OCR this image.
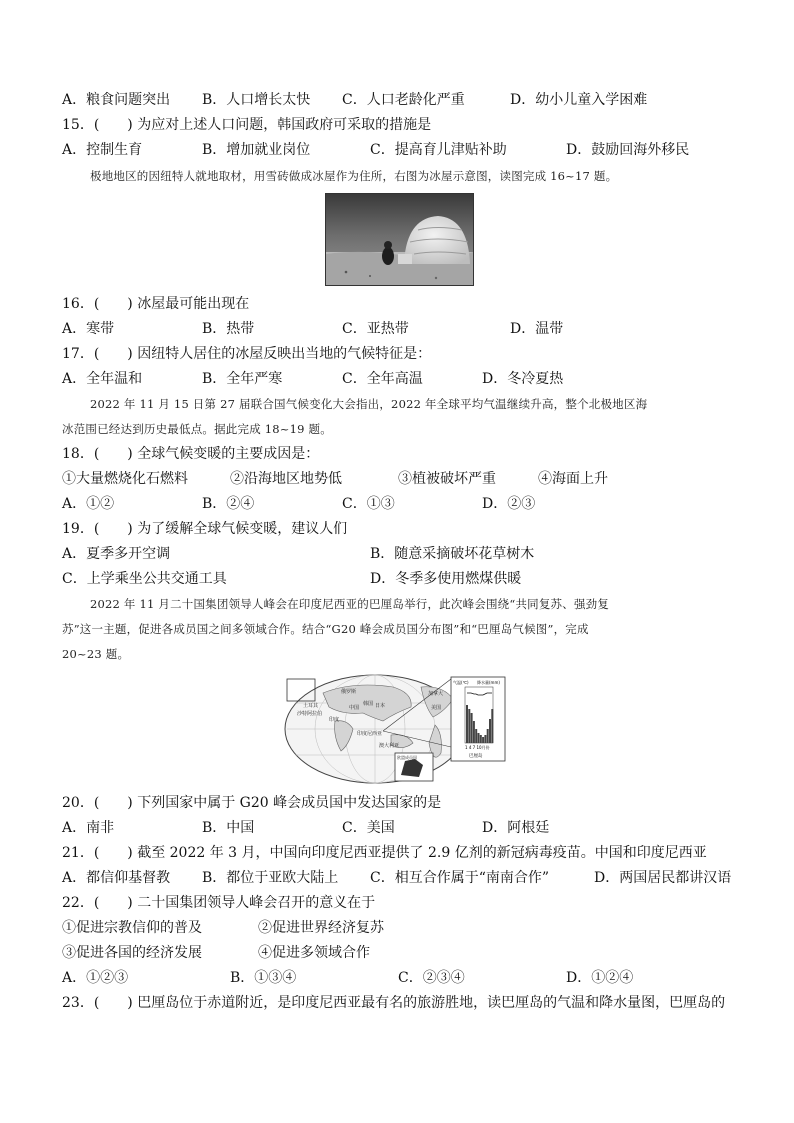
A．粮食问题突出	B．人口增长太快	C．人口老龄化严重	D．幼小儿童入学困难
15．(　　) 为应对上述人口问题，韩国政府可采取的措施是
A．控制生育	B．增加就业岗位	C．提高育儿津贴补助	D．鼓励回海外移民
极地地区的因纽特人就地取材，用雪砖做成冰屋作为住所，右图为冰屋示意图，读图完成 16~17 题。
16．(　　) 冰屋最可能出现在
A．寒带	B．热带	C．亚热带	D．温带
17．(　　) 因纽特人居住的冰屋反映出当地的气候特征是：
A．全年温和	B．全年严寒	C．全年高温	D．冬冷夏热
2022 年 11 月 15 日第 27 届联合国气候变化大会指出，2022 年全球平均气温继续升高，整个北极地区海
冰范围已经达到历史最低点。据此完成 18~19 题。
18．(　　) 全球气候变暖的主要成因是：
①大量燃烧化石燃料	②沿海地区地势低	③植被破坏严重	④海面上升
A．①②	B．②④	C．①③	D．②③
19．(　　) 为了缓解全球气候变暖，建议人们
A．夏季多开空调	B．随意采摘破坏花草树木
C．上学乘坐公共交通工具	D．冬季多使用燃煤供暖
2022 年 11 月二十国集团领导人峰会在印度尼西亚的巴厘岛举行，此次峰会围绕“共同复苏、强劲复
苏”这一主题，促进各成员国之间多领域合作。结合“G20 峰会成员国分布图”和“巴厘岛气候图”，完成
20~23 题。
俄罗斯	加拿大
美国
中国	日本
韩国
印度
沙特阿拉伯
土耳其
印度尼西亚
澳大利亚
欧盟成员国
气温(℃) 降水量(mm)
1 4 7 10月份
巴厘岛
20．(　　) 下列国家中属于 G20 峰会成员国中发达国家的是
A．南非	B．中国	C．美国	D．阿根廷
21．(　　) 截至 2022 年 3 月，中国向印度尼西亚提供了 2.9 亿剂的新冠病毒疫苗。中国和印度尼西亚
A．都信仰基督教	B．都位于亚欧大陆上	C．相互合作属于“南南合作”	D．两国居民都讲汉语
22．(　　) 二十国集团领导人峰会召开的意义在于
①促进宗教信仰的普及	②促进世界经济复苏
③促进各国的经济发展	④促进多领域合作
A．①②③	B．①③④	C．②③④	D．①②④
23．(　　) 巴厘岛位于赤道附近，是印度尼西亚最有名的旅游胜地，读巴厘岛的气温和降水量图，巴厘岛的
